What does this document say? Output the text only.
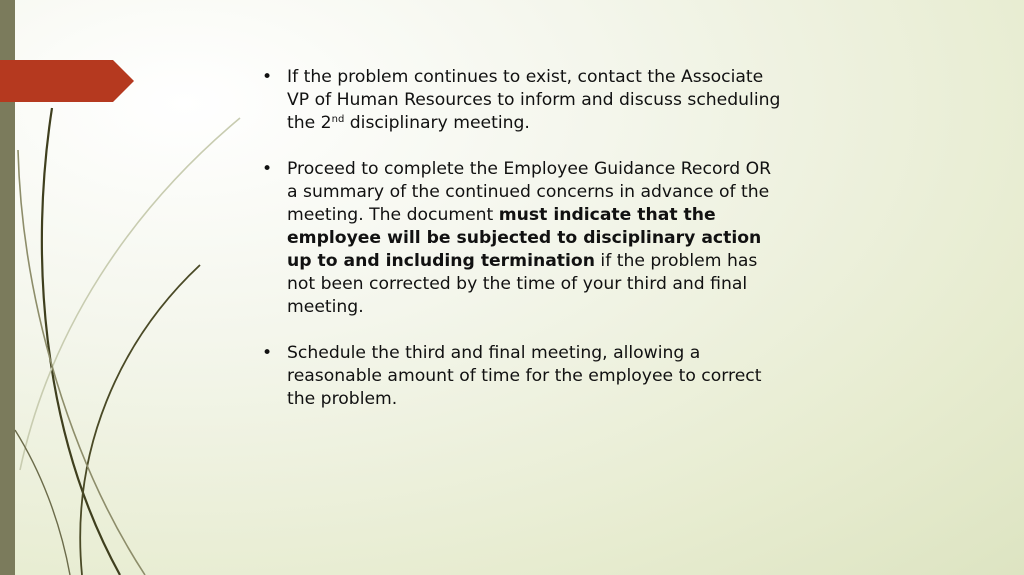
• If the problem continues to exist, contact the Associate VP of Human Resources to inform and discuss scheduling the 2nd disciplinary meeting.
• Proceed to complete the Employee Guidance Record OR a summary of the continued concerns in advance of the meeting. The document must indicate that the employee will be subjected to disciplinary action up to and including termination if the problem has not been corrected by the time of your third and final meeting.
• Schedule the third and final meeting, allowing a reasonable amount of time for the employee to correct the problem.
